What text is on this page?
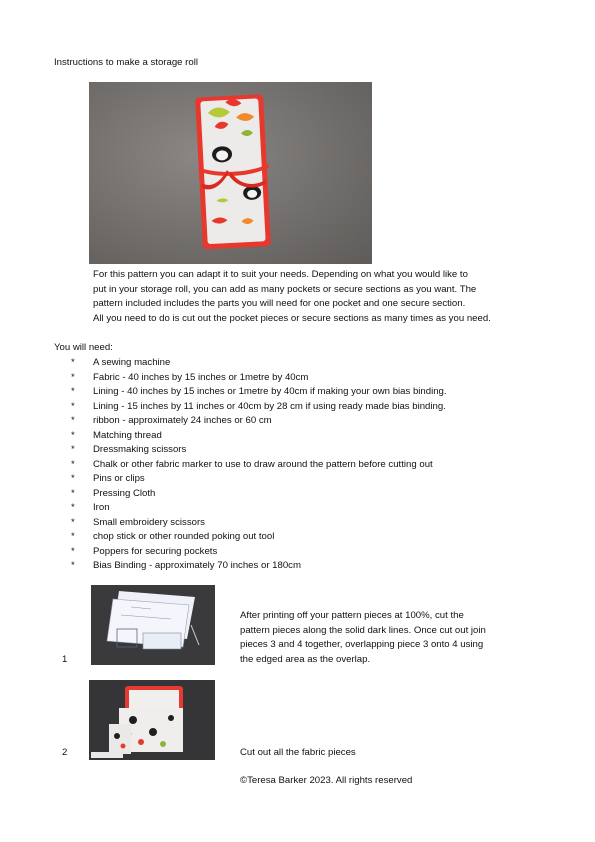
Instructions to make a storage roll

For this pattern you can adapt it to suit your needs. Depending on what you would like to

put in your storage roll, you can add as many pockets or secure sections as you want. The

pattern included includes the parts you will need for one pocket and one secure section.

All you need to do is cut out the pocket pieces or secure sections as many times as you need.

You will need:
* A sewing machine
* Fabric - 40 inches by 15 inches or 1metre by 40cm
* Lining - 40 inches by 15 inches or 1metre by 40cm if making your own bias binding.
* Lining - 15 inches by 11 inches or 40cm by 28 cm if using ready made bias binding.
* ribbon - approximately 24 inches or 60 cm
* Matching thread
* Dressmaking scissors
* Chalk or other fabric marker to use to draw around the pattern before cutting out
* Pins or clips
* Pressing Cloth
* Iron
* Small embroidery scissors
* chop stick or other rounded poking out tool
* Poppers for securing pockets
* Bias Binding - approximately 70 inches or 180cm
1

After printing off your pattern pieces at 100%, cut the

pattern pieces along the solid dark lines. Once cut out join

pieces 3 and 4 together, overlapping piece 3 onto 4 using

the edged area as the overlap.

2	Cut out all the fabric pieces

©Teresa Barker 2023. All rights reserved
